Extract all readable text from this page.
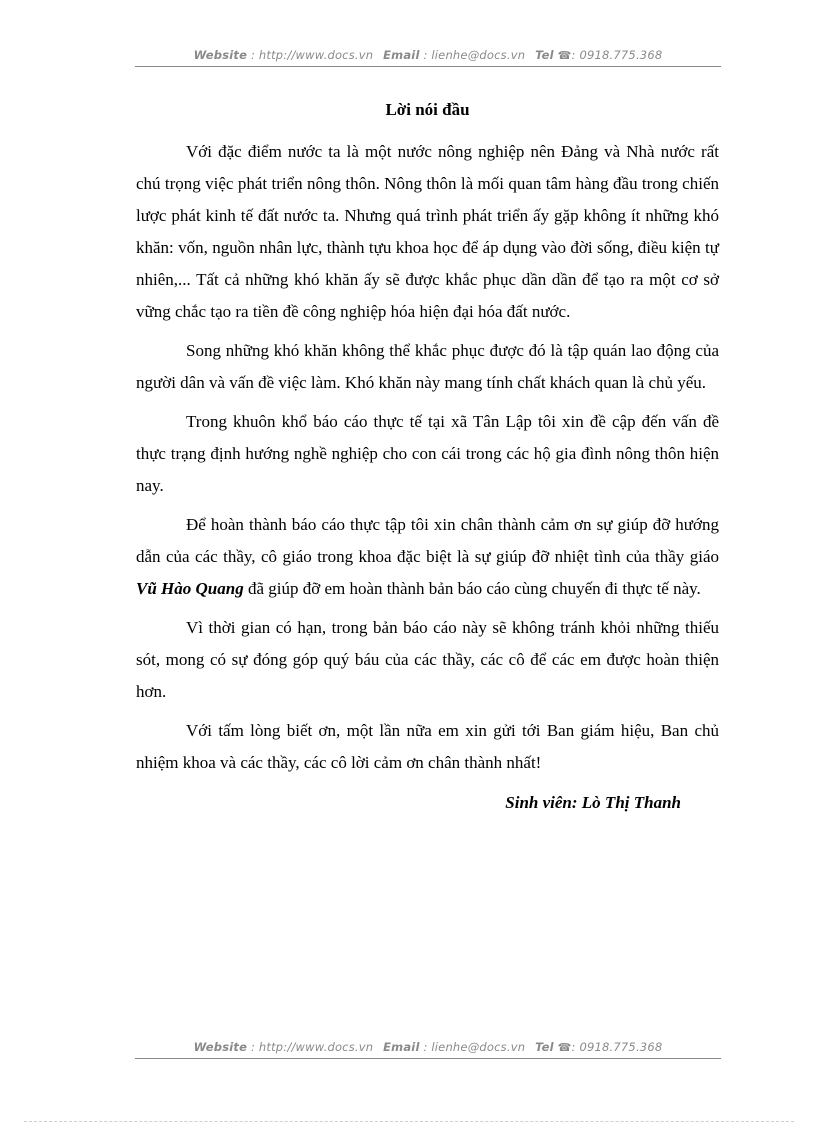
Website : http://www.docs.vn Email : lienhe@docs.vn Tel ☎: 0918.775.368
Lời nói đầu

Với đặc điểm nước ta là một nước nông nghiệp nên Đảng và Nhà nước rất chú trọng việc phát triển nông thôn. Nông thôn là mối quan tâm hàng đầu trong chiến lược phát kinh tế đất nước ta. Nhưng quá trình phát triển ấy gặp không ít những khó khăn: vốn, nguồn nhân lực, thành tựu khoa học để áp dụng vào đời sống, điều kiện tự nhiên,... Tất cả những khó khăn ấy sẽ được khắc phục dần dần để tạo ra một cơ sở vững chắc tạo ra tiền đề công nghiệp hóa hiện đại hóa đất nước.

Song những khó khăn không thể khắc phục được đó là tập quán lao động của người dân và vấn đề việc làm. Khó khăn này mang tính chất khách quan là chủ yếu.

Trong khuôn khổ báo cáo thực tế tại xã Tân Lập tôi xin đề cập đến vấn đề thực trạng định hướng nghề nghiệp cho con cái trong các hộ gia đình nông thôn hiện nay.

Để hoàn thành báo cáo thực tập tôi xin chân thành cảm ơn sự giúp đỡ hướng dẫn của các thầy, cô giáo trong khoa đặc biệt là sự giúp đỡ nhiệt tình của thầy giáo Vũ Hào Quang đã giúp đỡ em hoàn thành bản báo cáo cùng chuyến đi thực tế này.

Vì thời gian có hạn, trong bản báo cáo này sẽ không tránh khỏi những thiếu sót, mong có sự đóng góp quý báu của các thầy, các cô để các em được hoàn thiện hơn.

Với tấm lòng biết ơn, một lần nữa em xin gửi tới Ban giám hiệu, Ban chủ nhiệm khoa và các thầy, các cô lời cảm ơn chân thành nhất!

Sinh viên: Lò Thị Thanh
Website : http://www.docs.vn Email : lienhe@docs.vn Tel ☎: 0918.775.368
